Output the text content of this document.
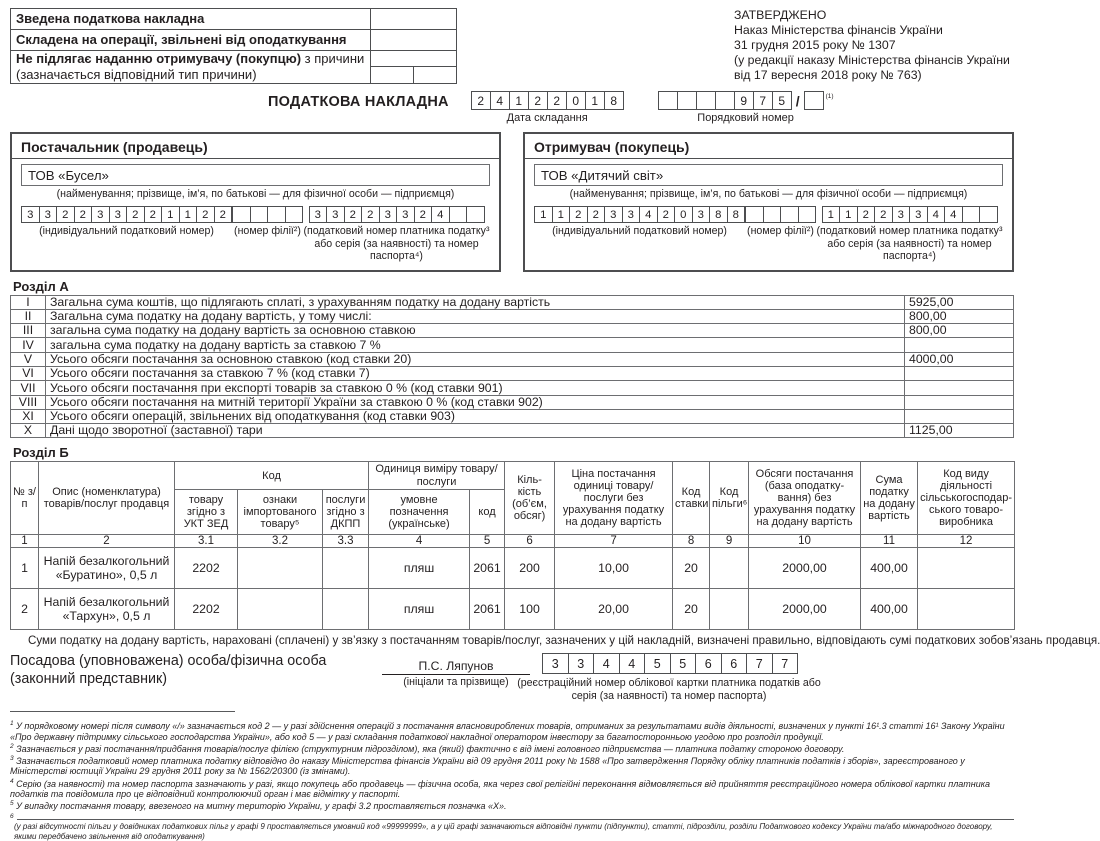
Зведена податкова накладна		
Складена на операції, звільнені від оподаткування		
Не підлягає наданню отримувачу (покупцю) з причини
(зазначається відповідний тип причини)		

ЗАТВЕРДЖЕНО
Наказ Міністерства фінансів України
31 грудня 2015 року № 1307
(у редакції наказу Міністерства фінансів України
від 17 вересня 2018 року № 763)
ПОДАТКОВА НАКЛАДНА	2	4	1	2	2	0	1	8
Дата складання
9	7	5 /	$^{(1)}$
Порядковий номер
Постачальник (продавець)
ТОВ «Бусел»
(найменування; прізвище, ім’я, по батькові — для фізичної особи — підприємця)
3 3 2 2 3 3 2 2 1 1 2 2
(індивідуальний податковий номер) (номер філії²)
3 3 2 2 3 3 2 4
(податковий номер платника податку³ або серія (за наявності) та номер паспорта⁴)
Отримувач (покупець)
ТОВ «Дитячий світ»
(найменування; прізвище, ім’я, по батькові — для фізичної особи — підприємця)
1 1 2 2 3 3 4 2 0 3 8 8
(індивідуальний податковий номер) (номер філії²)
1 1 2 2 3 3 4 4
(податковий номер платника податку³ або серія (за наявності) та номер паспорта⁴)
Розділ А
I	Загальна сума коштів, що підлягають сплаті, з урахуванням податку на додану вартість	5925,00
II	Загальна сума податку на додану вартість, у тому числі:	800,00
III	загальна сума податку на додану вартість за основною ставкою	800,00
IV	загальна сума податку на додану вартість за ставкою 7 %	
V	Усього обсяги постачання за основною ставкою (код ставки 20)	4000,00
VI	Усього обсяги постачання за ставкою 7 % (код ставки 7)	
VII	Усього обсяги постачання при експорті товарів за ставкою 0 % (код ставки 901)	
VIII	Усього обсяги постачання на митній території України за ставкою 0 % (код ставки 902)	
XI	Усього обсяги операцій, звільнених від оподаткування (код ставки 903)	
X	Дані щодо зворотної (заставної) тари	1125,00
Розділ Б
№ з/п	Опис (номенклатура) товарів/послуг продавця	Код			Одиниця виміру товару/послуги		Кіль-кість (об’єм, обсяг)	Ціна постачання одиниці товару/послуги без урахування податку на додану вартість	Код ставки	Код пільги⁶	Обсяги постачання (база оподатку- вання) без урахування податку на додану вартість	Сума податку на додану вартість	Код виду діяльності сільськогосподар- ського товаро- виробника
		товару згідно з УКТ ЗЕД	ознаки імпортованого товару⁵	послуги згідно з ДКПП	умовне позначення (українське)	код							
1	2	3.1	3.2	3.3	4	5	6	7	8	9	10	11	12
1	Напій безалкогольний «Буратино», 0,5 л	2202			пляш	2061	200	10,00	20		2000,00	400,00	
2	Напій безалкогольний «Тархун», 0,5 л	2202			пляш	2061	100	20,00	20		2000,00	400,00	
Суми податку на додану вартість, нараховані (сплачені) у зв’язку з постачанням товарів/послуг, зазначених у цій накладній, визначені правильно, відповідають сумі податкових зобов’язань продавця.
Посадова (уповноважена) особа/фізична особа
(законний представник)
П.С. Ляпунов
(ініціали та прізвище)
3	3	4	4	5	5	6	6	7	7
(реєстраційний номер облікової картки платника податків або серія (за наявності) та номер паспорта)

$^1$ У порядковому номері після символу «/» зазначається код 2 — у разі здійснення операцій з постачання власновироблених товарів, отриманих за результатами видів діяльності, визначених у пункті 16¹.3 статті 16¹ Закону України «Про державну підтримку сільського господарства України», або код 5 — у разі складання податкової накладної оператором інвестору за багатосторонньою угодою про розподіл продукції.

$^2$ Зазначається у разі постачання/придбання товарів/послуг філією (структурним підрозділом), яка (який) фактично є від імені головного підприємства — платника податку стороною договору.

$^3$ Зазначається податковий номер платника податку відповідно до наказу Міністерства фінансів України від 09 грудня 2011 року № 1588 «Про затвердження Порядку обліку платників податків і зборів», зареєстрованого у Міністерстві юстиції України 29 грудня 2011 року за № 1562/20300 (із змінами).

$^4$ Серію (за наявності) та номер паспорта зазначають у разі, якщо покупець або продавець — фізична особа, яка через свої релігійні переконання відмовляється від прийняття реєстраційного номера облікової картки платника податків та повідомила про це відповідний контролюючий орган і має відмітку у паспорті.

$^5$ У випадку постачання товару, ввезеного на митну територію України, у графі 3.2 проставляється позначка «Х».

6

(у разі відсутності пільги у довідниках податкових пільг у графі 9 проставляється умовний код «99999999», а у цій графі зазначаються відповідні пункти (підпункти), статті, підрозділи, розділи Податкового кодексу України та/або міжнародного договору, якими передбачено звільнення від оподаткування)
